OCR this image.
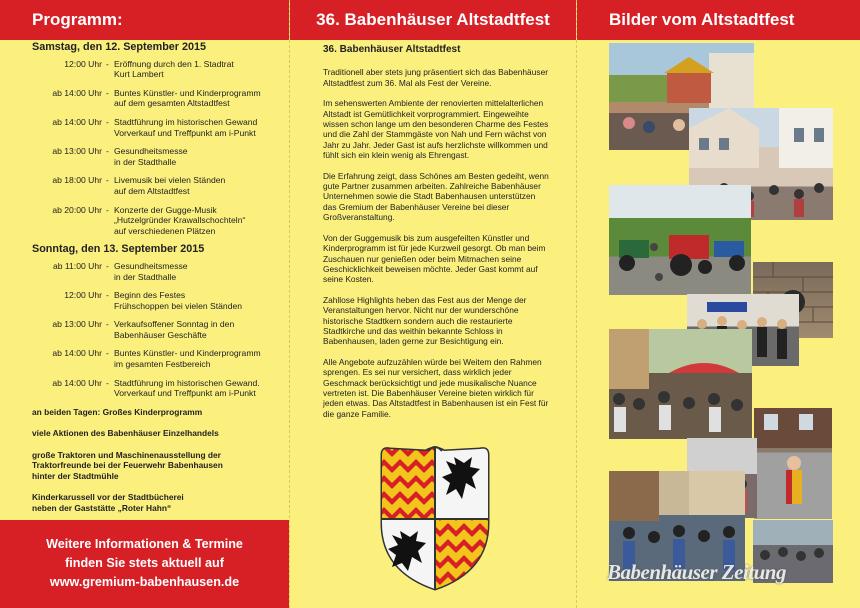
Programm:
Samstag, den 12. September 2015
12:00 Uhr - Eröffnung durch den 1. Stadtrat
Kurt Lambert
ab 14:00 Uhr - Buntes Künstler- und Kinderprogramm
auf dem gesamten Altstadtfest
ab 14:00 Uhr - Stadtführung im historischen Gewand
Vorverkauf und Treffpunkt am i-Punkt
ab 13:00 Uhr - Gesundheitsmesse
in der Stadthalle
ab 18:00 Uhr - Livemusik bei vielen Ständen
auf dem Altstadtfest
ab 20:00 Uhr - Konzerte der Gugge-Musik
„Hutzelgründer Krawallschochteln“
auf verschiedenen Plätzen
Sonntag, den 13. September 2015
ab 11:00 Uhr - Gesundheitsmesse
in der Stadthalle
12:00 Uhr - Beginn des Festes
Frühschoppen bei vielen Ständen
ab 13:00 Uhr - Verkaufsoffener Sonntag in den
Babenhäuser Geschäfte
ab 14:00 Uhr - Buntes Künstler- und Kinderprogramm
im gesamten Festbereich
ab 14:00 Uhr - Stadtführung im historischen Gewand.
Vorverkauf und Treffpunkt am i-Punkt
an beiden Tagen: Großes Kinderprogramm
viele Aktionen des Babenhäuser Einzelhandels
große Traktoren und Maschinenausstellung der
Traktorfreunde bei der Feuerwehr Babenhausen
hinter der Stadtmühle
Kinderkarussell vor der Stadtbücherei
neben der Gaststätte „Roter Hahn“
Weitere Informationen & Termine
finden Sie stets aktuell auf
www.gremium-babenhausen.de
36. Babenhäuser Altstadtfest
36. Babenhäuser Altstadtfest

Traditionell aber stets jung präsentiert sich das Babenhäuser Altstadtfest zum 36. Mal als Fest der Vereine.

Im sehenswerten Ambiente der renovierten mittelalterlichen Altstadt ist Gemütlichkeit vorprogrammiert. Eingeweihte wissen schon lange um den besonderen Charme des Festes und die Zahl der Stammgäste von Nah und Fern wächst von Jahr zu Jahr. Jeder Gast ist aufs herzlichste willkommen und fühlt sich ein klein wenig als Ehrengast.

Die Erfahrung zeigt, dass Schönes am Besten gedeiht, wenn gute Partner zusammen arbeiten. Zahlreiche Babenhäuser Unternehmen sowie die Stadt Babenhausen unterstützen das Gremium der Babenhäuser Vereine bei dieser Großveranstaltung.

Von der Guggemusik bis zum ausgefeilten Künstler und Kinderprogramm ist für jede Kurzweil gesorgt. Ob man beim Zuschauen nur genießen oder beim Mitmachen seine Geschicklichkeit beweisen möchte. Jeder Gast kommt auf seine Kosten.

Zahllose Highlights heben das Fest aus der Menge der Veranstaltungen hervor. Nicht nur der wunderschöne historische Stadtkern sondern auch die restaurierte Stadtkirche und das weithin bekannte Schloss in Babenhausen, laden gerne zur Besichtigung ein.

Alle Angebote aufzuzählen würde bei Weitem den Rahmen sprengen. Es sei nur versichert, dass wirklich jeder Geschmack berücksichtigt und jede musikalische Nuance vertreten ist. Die Babenhäuser Vereine bieten wirklich für jeden etwas. Das Altstadtfest in Babenhausen ist ein Fest für die ganze Familie.

Bilder vom Altstadtfest
Babenhäuser Zeitung
